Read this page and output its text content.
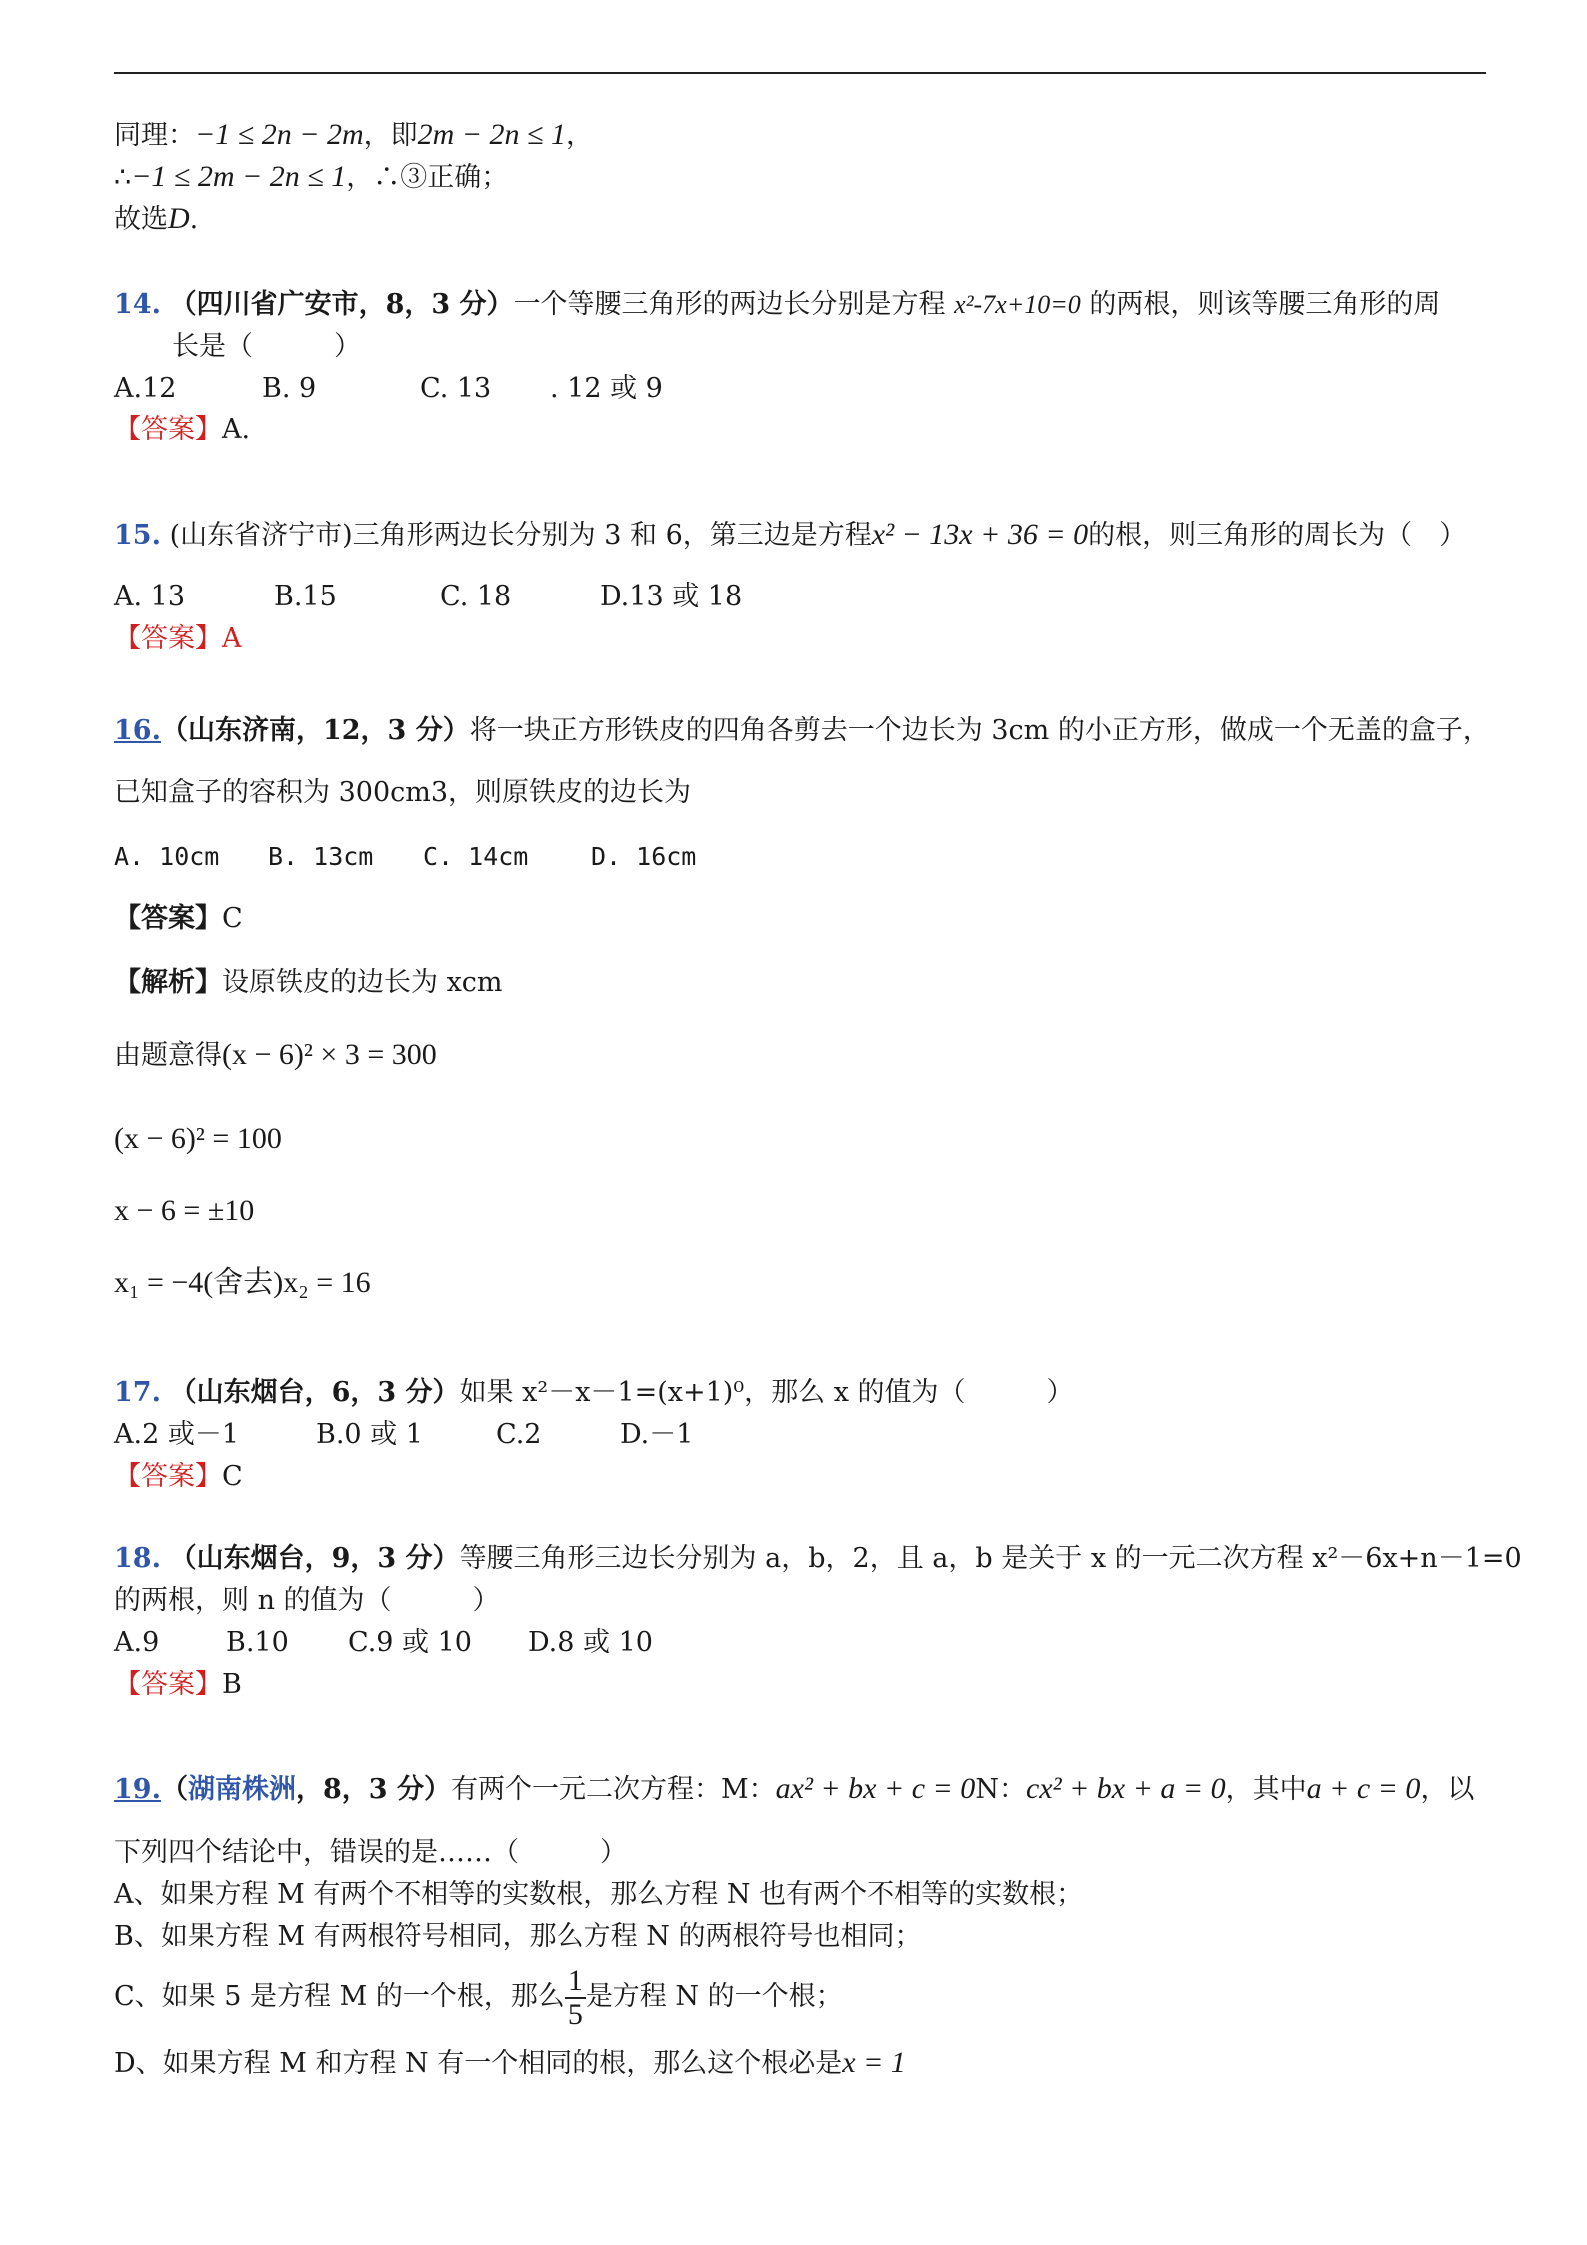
同理：−1 ≤ 2n − 2m，即2m − 2n ≤ 1，
∴−1 ≤ 2m − 2n ≤ 1，∴③正确；
故选D.
14. （四川省广安市，8，3 分）一个等腰三角形的两边长分别是方程 x²-7x+10=0 的两根，则该等腰三角形的周
长是（　　　）
A.12	B. 9	C. 13 . 12 或 9
【答案】A.
15. (山东省济宁市)三角形两边长分别为 3 和 6，第三边是方程x² − 13x + 36 = 0的根，则三角形的周长为（　）
A. 13	B.15	C. 18	D.13 或 18
【答案】A
16.（山东济南，12，3 分）将一块正方形铁皮的四角各剪去一个边长为 3cm 的小正方形，做成一个无盖的盒子，
已知盒子的容积为 300cm3，则原铁皮的边长为
A. 10cm B. 13cm C. 14cm	D. 16cm
【答案】C
【解析】设原铁皮的边长为 xcm
由题意得(x − 6)² × 3 = 300
(x − 6)² = 100
x − 6 = ±10
x₁ = −4(舍去)x₂ = 16
17. （山东烟台，6，3 分）如果 x²－x－1=(x+1)⁰，那么 x 的值为（　　　）
A.2 或－1	B.0 或 1	C.2	D.－1
【答案】C
18. （山东烟台，9，3 分）等腰三角形三边长分别为 a，b，2，且 a，b 是关于 x 的一元二次方程 x²－6x+n－1=0
的两根，则 n 的值为（　　　）
A.9 B.10 C.9 或 10 D.8 或 10
【答案】B
19.（湖南株洲，8，3 分）有两个一元二次方程：M：ax² + bx + c = 0N：cx² + bx + a = 0，其中a + c = 0，以
下列四个结论中，错误的是……（　　　）
A、如果方程 M 有两个不相等的实数根，那么方程 N 也有两个不相等的实数根；
B、如果方程 M 有两根符号相同，那么方程 N 的两根符号也相同；
C、如果 5 是方程 M 的一个根，那么 $\frac{1}{5}$ 是方程 N 的一个根；
D、如果方程 M 和方程 N 有一个相同的根，那么这个根必是x = 1
